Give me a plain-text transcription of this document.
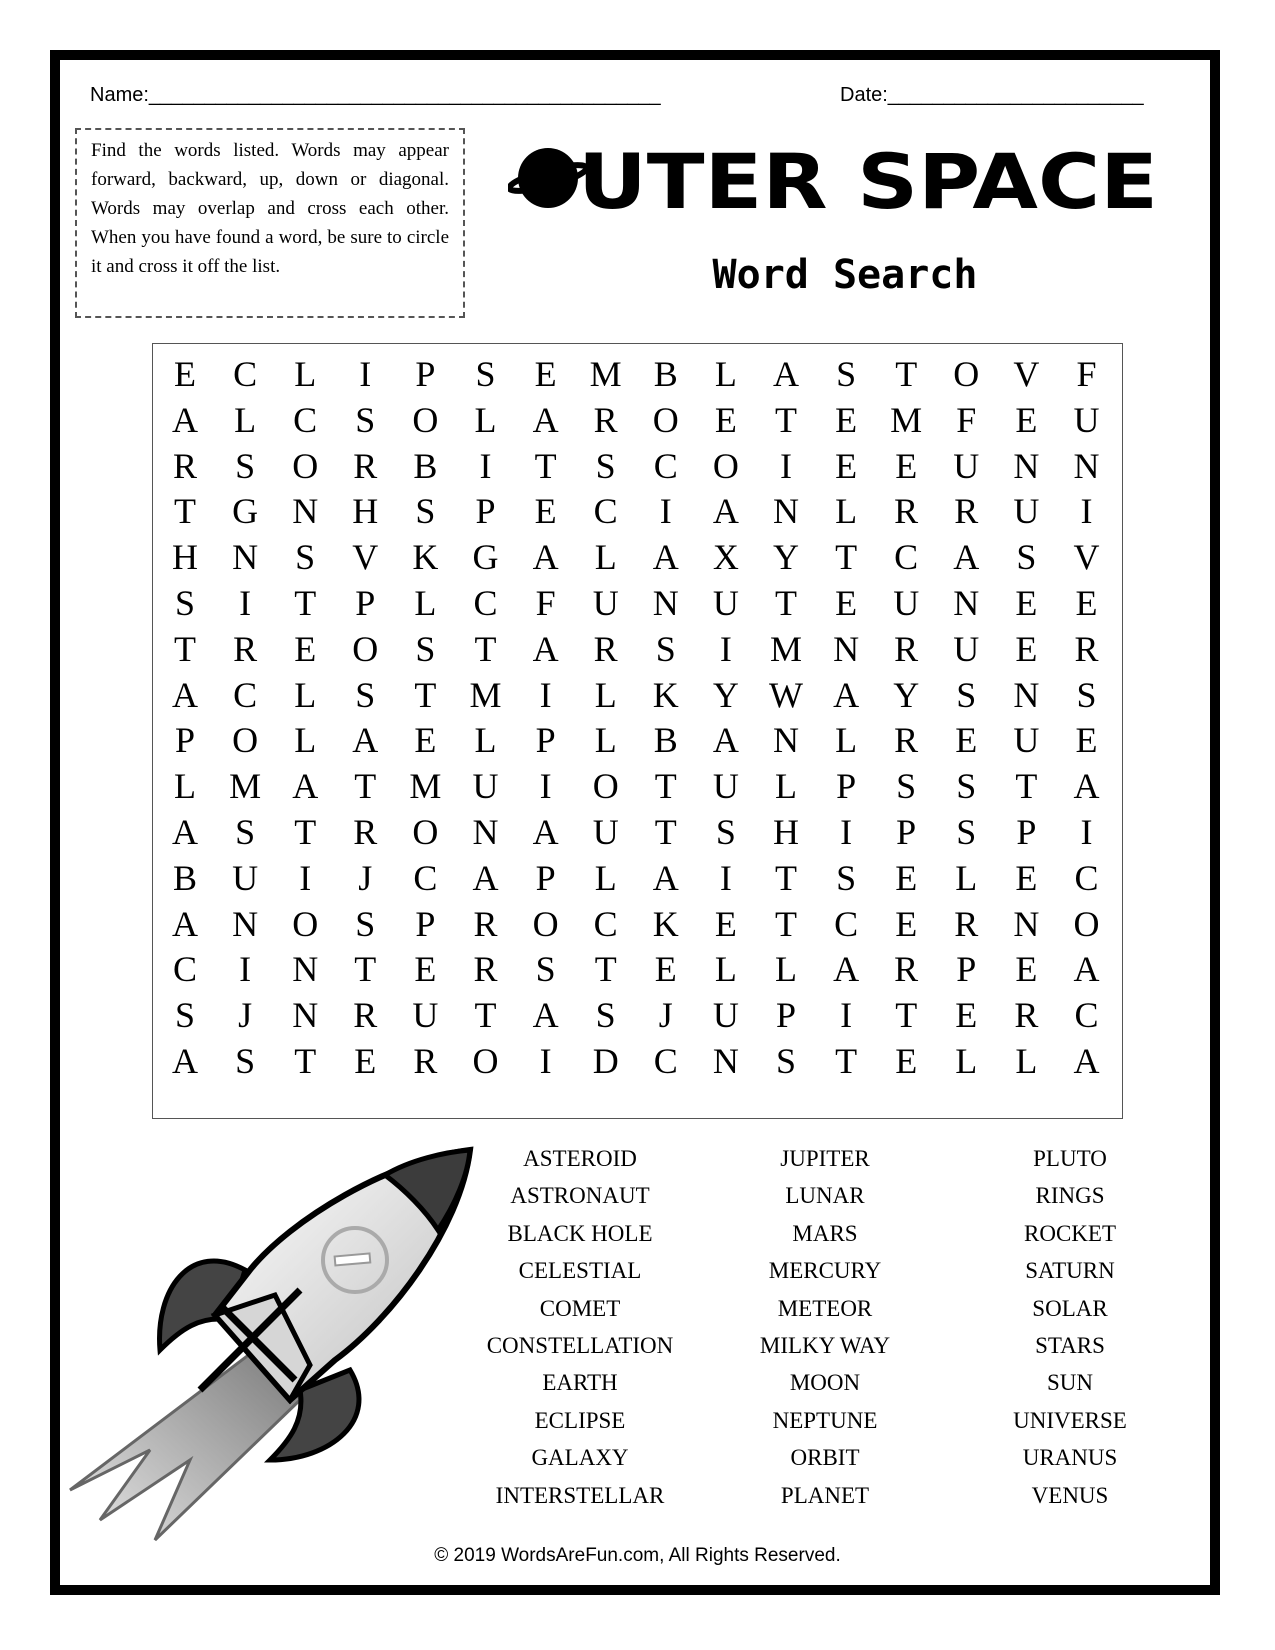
Name:______________________________________________	Date:_______________________
Find the words listed. Words may appear forward, backward, up, down or diagonal. Words may overlap and cross each other. When you have found a word, be sure to circle it and cross it off the list.
UTER SPACE
Word Search
E	C	L	I	P	S	E M B	L	A	S	T	O V	F
A	L	C	S	O	L	A R O	E	T	E M F	E	U
R	S	O R	B	I	T	S	C O	I	E	E	U N N
T	G N H	S	P	E	C	I	A N	L	R	R U	I
H N	S	V K G A	L	A X Y	T	C A	S	V
S	I	T	P	L	C	F	U N U	T	E	U N	E	E
T	R	E	O	S	T	A R	S	I	M N R U	E	R
A C	L	S	T M	I	L	K Y W A Y	S	N	S
P	O	L	A	E	L	P	L	B A N	L	R	E	U	E
L M A	T M U	I	O	T	U	L	P	S	S	T	A
A	S	T	R O N A U	T	S	H	I	P	S	P	I
B U	I	J	C A	P	L	A	I	T	S	E	L	E	C
A N O	S	P	R O C K	E	T	C	E	R N O
C	I	N	T	E	R	S	T	E	L	L	A R	P	E	A
S	J	N R U	T	A	S	J	U	P	I	T	E	R	C
A	S	T	E	R O	I	D C N	S	T	E	L	L	A
ASTEROID
ASTRONAUT
BLACK HOLE
CELESTIAL
COMET
CONSTELLATION
EARTH
ECLIPSE
GALAXY
INTERSTELLAR
JUPITER
LUNAR
MARS
MERCURY
METEOR
MILKY WAY
MOON
NEPTUNE
ORBIT
PLANET
PLUTO
RINGS
ROCKET
SATURN
SOLAR
STARS
SUN
UNIVERSE
URANUS
VENUS
© 2019 WordsAreFun.com, All Rights Reserved.
